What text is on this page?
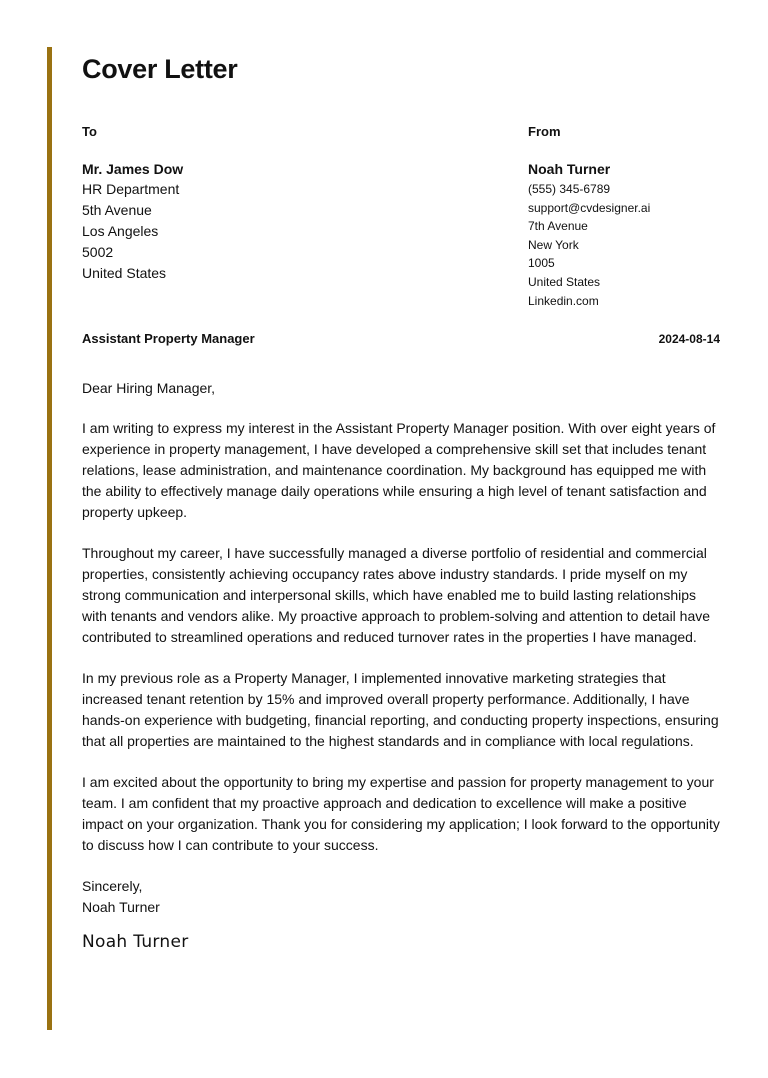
Cover Letter
To
Mr. James Dow
HR Department
5th Avenue
Los Angeles
5002
United States
From
Noah Turner
(555) 345-6789
support@cvdesigner.ai
7th Avenue
New York
1005
United States
Linkedin.com
Assistant Property Manager	2024-08-14

Dear Hiring Manager,

I am writing to express my interest in the Assistant Property Manager position. With over eight years of experience in property management, I have developed a comprehensive skill set that includes tenant relations, lease administration, and maintenance coordination. My background has equipped me with the ability to effectively manage daily operations while ensuring a high level of tenant satisfaction and property upkeep.

Throughout my career, I have successfully managed a diverse portfolio of residential and commercial properties, consistently achieving occupancy rates above industry standards. I pride myself on my strong communication and interpersonal skills, which have enabled me to build lasting relationships with tenants and vendors alike. My proactive approach to problem-solving and attention to detail have contributed to streamlined operations and reduced turnover rates in the properties I have managed.

In my previous role as a Property Manager, I implemented innovative marketing strategies that increased tenant retention by 15% and improved overall property performance. Additionally, I have hands-on experience with budgeting, financial reporting, and conducting property inspections, ensuring that all properties are maintained to the highest standards and in compliance with local regulations.

I am excited about the opportunity to bring my expertise and passion for property management to your team. I am confident that my proactive approach and dedication to excellence will make a positive impact on your organization. Thank you for considering my application; I look forward to the opportunity to discuss how I can contribute to your success.

Sincerely,
Noah Turner
Noah Turner
